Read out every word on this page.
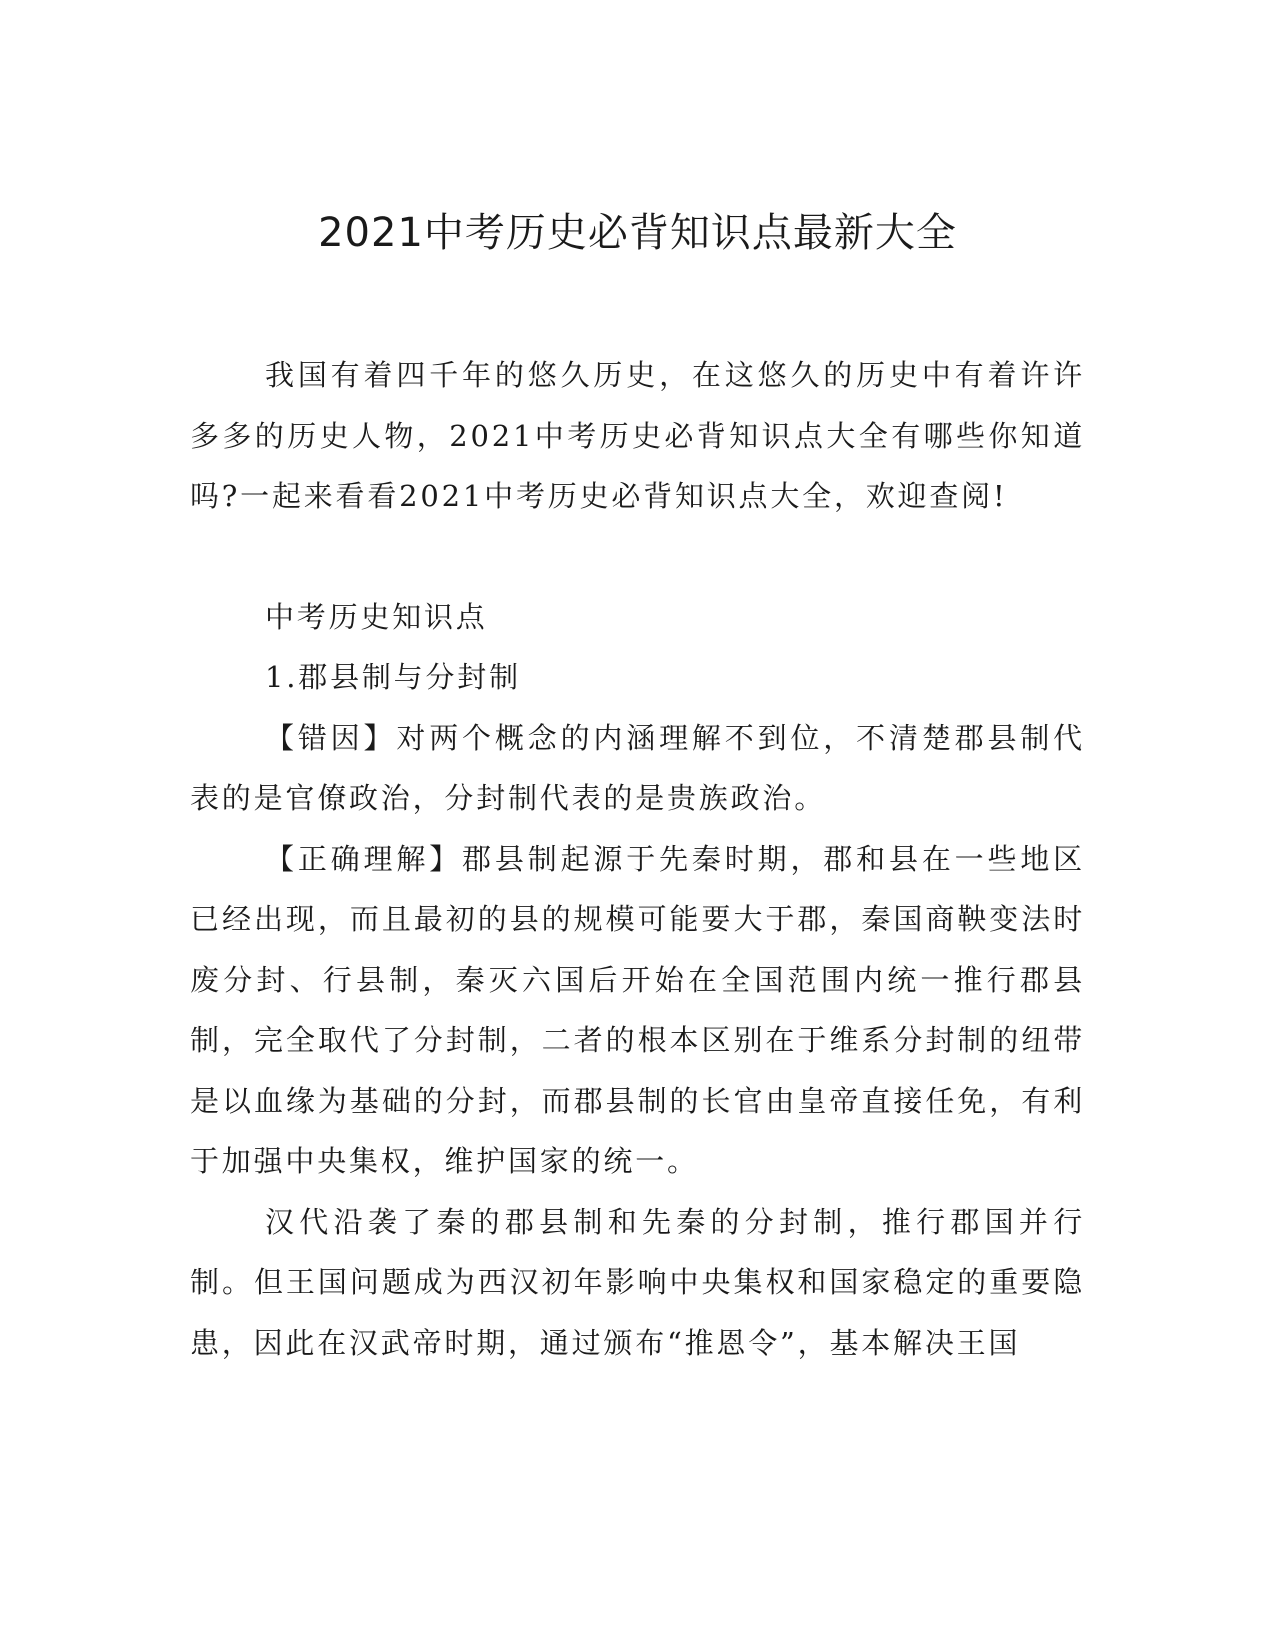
2021中考历史必背知识点最新大全

我国有着四千年的悠久历史，在这悠久的历史中有着许许多多的历史人物，2021中考历史必背知识点大全有哪些你知道吗?一起来看看2021中考历史必背知识点大全，欢迎查阅!

中考历史知识点

1.郡县制与分封制

【错因】对两个概念的内涵理解不到位，不清楚郡县制代表的是官僚政治，分封制代表的是贵族政治。

【正确理解】郡县制起源于先秦时期，郡和县在一些地区已经出现，而且最初的县的规模可能要大于郡，秦国商鞅变法时废分封、行县制，秦灭六国后开始在全国范围内统一推行郡县制，完全取代了分封制，二者的根本区别在于维系分封制的纽带是以血缘为基础的分封，而郡县制的长官由皇帝直接任免，有利于加强中央集权，维护国家的统一。

汉代沿袭了秦的郡县制和先秦的分封制，推行郡国并行制。但王国问题成为西汉初年影响中央集权和国家稳定的重要隐患，因此在汉武帝时期，通过颁布“推恩令”，基本解决王国
